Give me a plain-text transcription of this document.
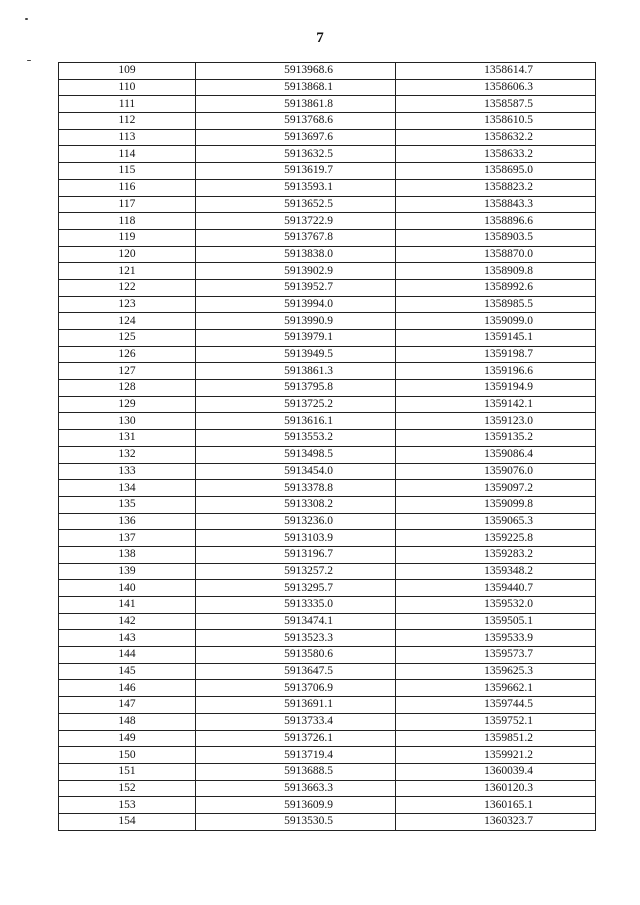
7
109	5913968.6	1358614.7
110	5913868.1	1358606.3
111	5913861.8	1358587.5
112	5913768.6	1358610.5
113	5913697.6	1358632.2
114	5913632.5	1358633.2
115	5913619.7	1358695.0
116	5913593.1	1358823.2
117	5913652.5	1358843.3
118	5913722.9	1358896.6
119	5913767.8	1358903.5
120	5913838.0	1358870.0
121	5913902.9	1358909.8
122	5913952.7	1358992.6
123	5913994.0	1358985.5
124	5913990.9	1359099.0
125	5913979.1	1359145.1
126	5913949.5	1359198.7
127	5913861.3	1359196.6
128	5913795.8	1359194.9
129	5913725.2	1359142.1
130	5913616.1	1359123.0
131	5913553.2	1359135.2
132	5913498.5	1359086.4
133	5913454.0	1359076.0
134	5913378.8	1359097.2
135	5913308.2	1359099.8
136	5913236.0	1359065.3
137	5913103.9	1359225.8
138	5913196.7	1359283.2
139	5913257.2	1359348.2
140	5913295.7	1359440.7
141	5913335.0	1359532.0
142	5913474.1	1359505.1
143	5913523.3	1359533.9
144	5913580.6	1359573.7
145	5913647.5	1359625.3
146	5913706.9	1359662.1
147	5913691.1	1359744.5
148	5913733.4	1359752.1
149	5913726.1	1359851.2
150	5913719.4	1359921.2
151	5913688.5	1360039.4
152	5913663.3	1360120.3
153	5913609.9	1360165.1
154	5913530.5	1360323.7
